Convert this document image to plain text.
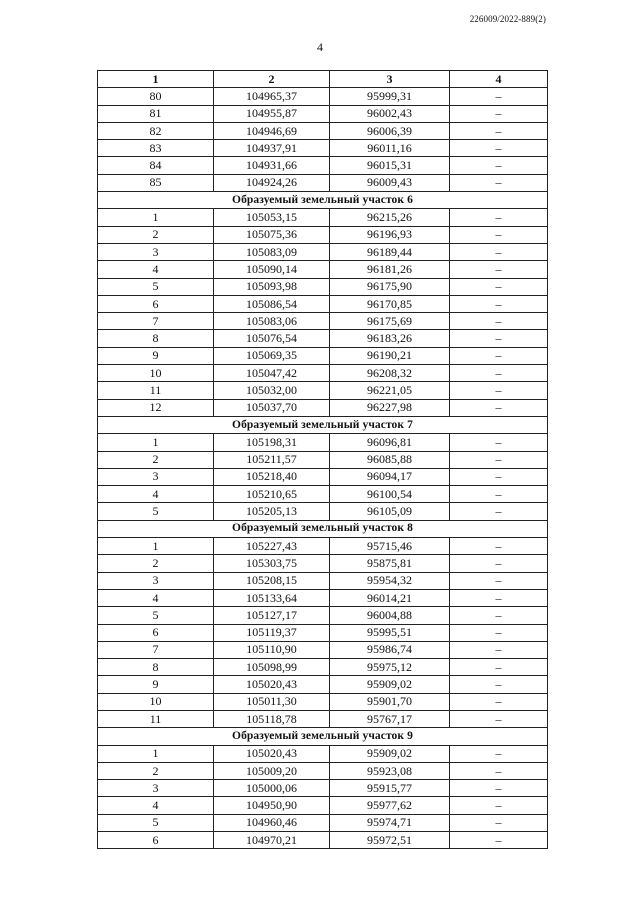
226009/2022-889(2)
4
1	2	3	4
80	104965,37	95999,31	–
81	104955,87	96002,43	–
82	104946,69	96006,39	–
83	104937,91	96011,16	–
84	104931,66	96015,31	–
85	104924,26	96009,43	–
Образуемый земельный участок 6			
1	105053,15	96215,26	–
2	105075,36	96196,93	–
3	105083,09	96189,44	–
4	105090,14	96181,26	–
5	105093,98	96175,90	–
6	105086,54	96170,85	–
7	105083,06	96175,69	–
8	105076,54	96183,26	–
9	105069,35	96190,21	–
10	105047,42	96208,32	–
11	105032,00	96221,05	–
12	105037,70	96227,98	–
Образуемый земельный участок 7			
1	105198,31	96096,81	–
2	105211,57	96085,88	–
3	105218,40	96094,17	–
4	105210,65	96100,54	–
5	105205,13	96105,09	–
Образуемый земельный участок 8			
1	105227,43	95715,46	–
2	105303,75	95875,81	–
3	105208,15	95954,32	–
4	105133,64	96014,21	–
5	105127,17	96004,88	–
6	105119,37	95995,51	–
7	105110,90	95986,74	–
8	105098,99	95975,12	–
9	105020,43	95909,02	–
10	105011,30	95901,70	–
11	105118,78	95767,17	–
Образуемый земельный участок 9			
1	105020,43	95909,02	–
2	105009,20	95923,08	–
3	105000,06	95915,77	–
4	104950,90	95977,62	–
5	104960,46	95974,71	–
6	104970,21	95972,51	–
